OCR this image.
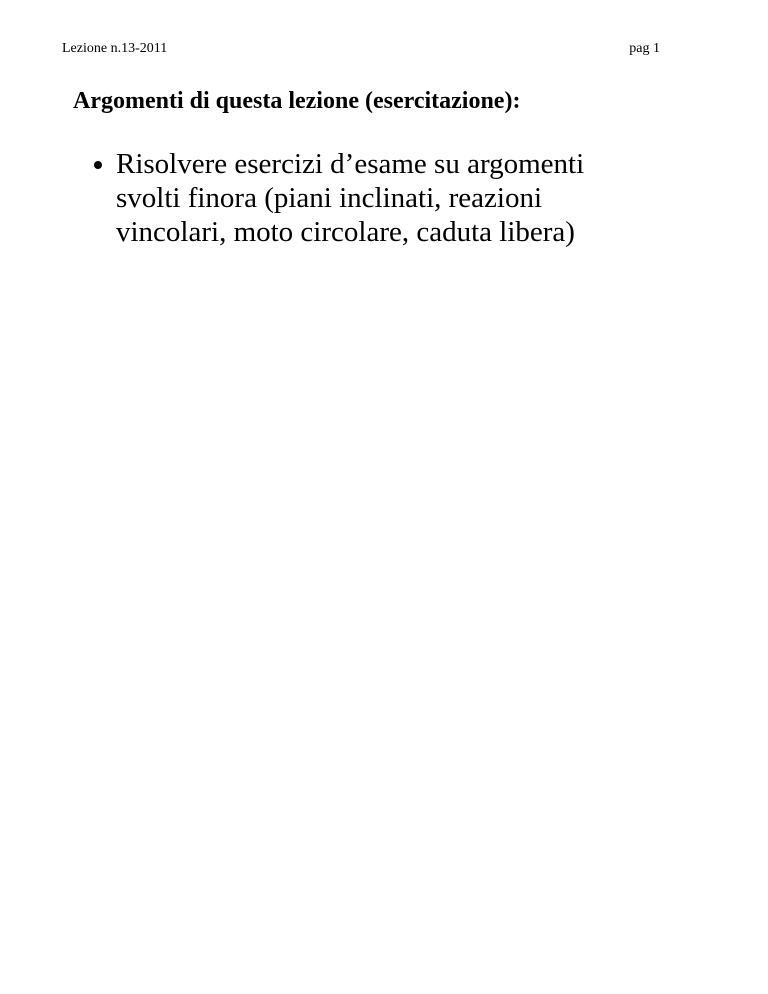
Lezione n.13-2011	pag 1
Argomenti di questa lezione (esercitazione):
Risolvere esercizi d’esame su argomenti
svolti finora (piani inclinati, reazioni
vincolari, moto circolare, caduta libera)
